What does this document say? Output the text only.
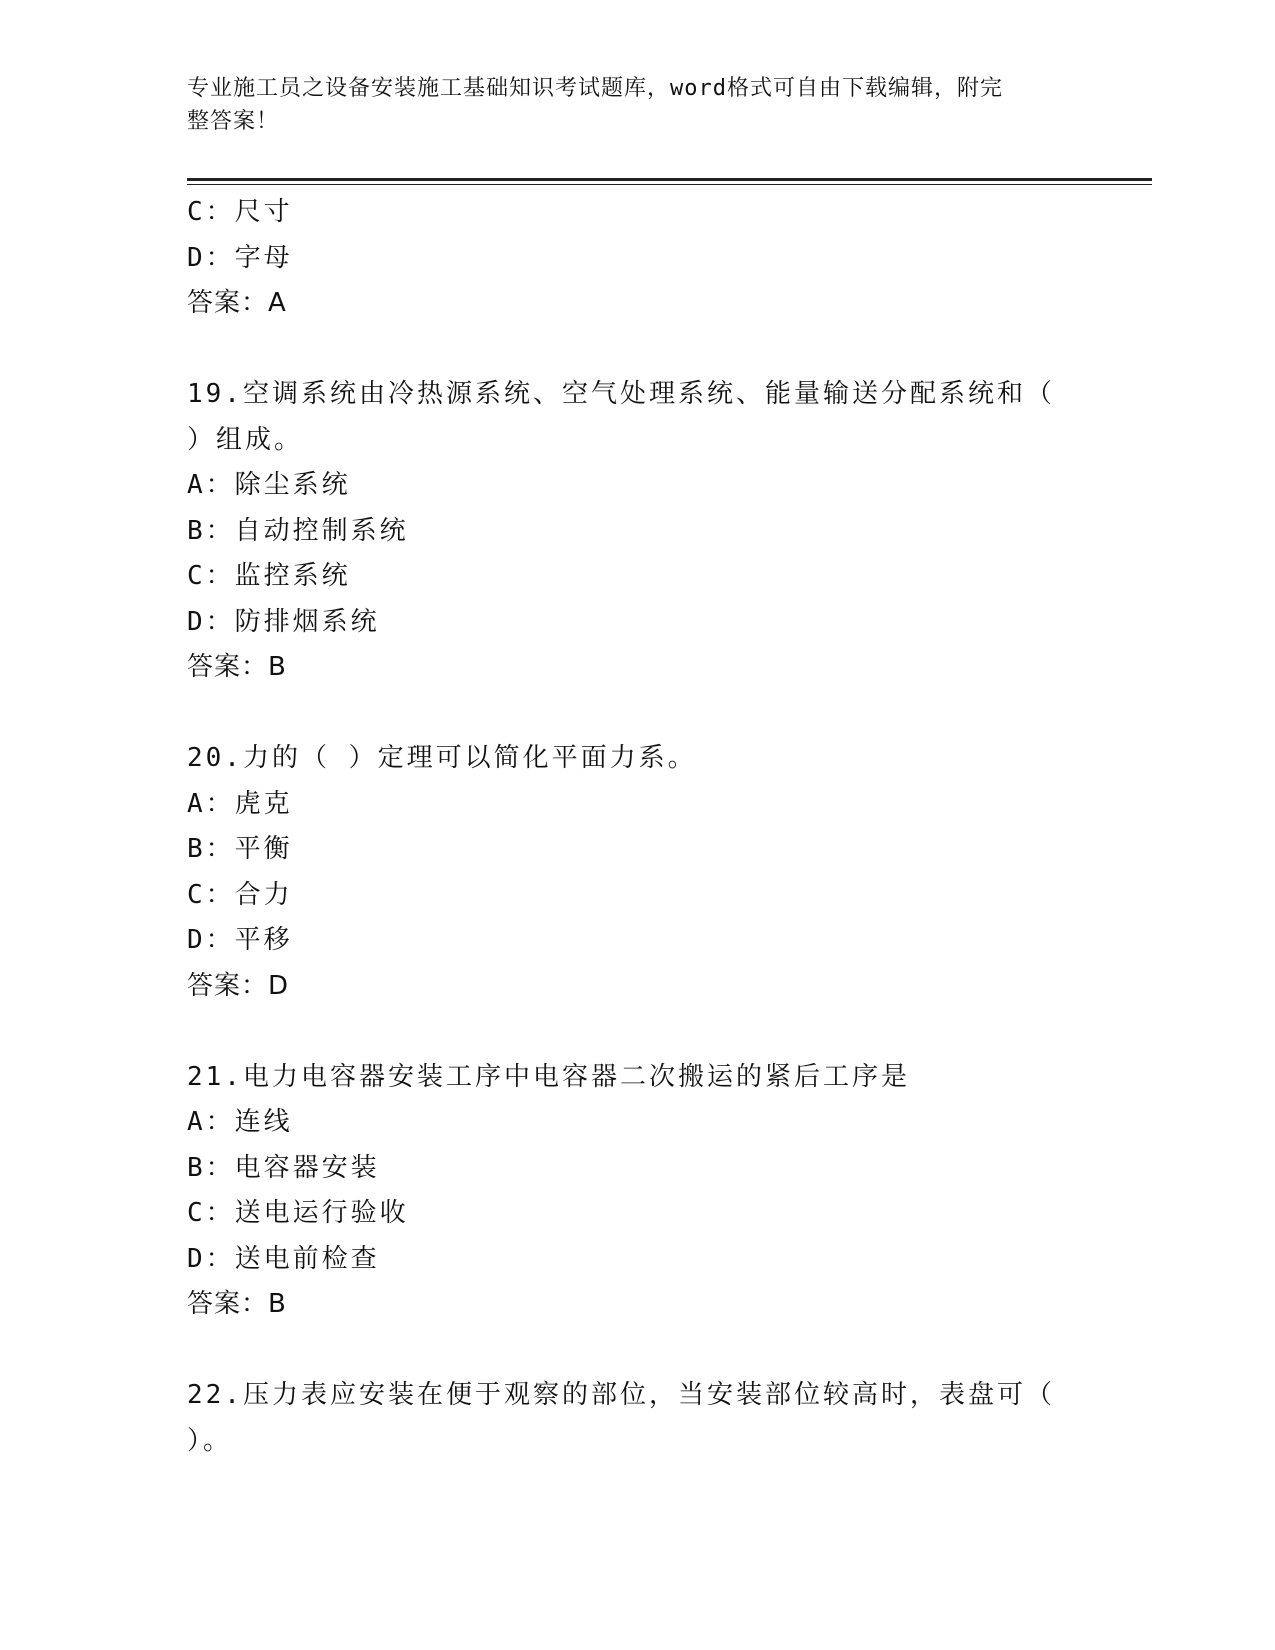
专业施工员之设备安装施工基础知识考试题库，word格式可自由下载编辑，附完
整答案！
C：尺寸
D：字母
答案：A
19.空调系统由冷热源系统、空气处理系统、能量输送分配系统和（
）组成。
A：除尘系统
B：自动控制系统
C：监控系统
D：防排烟系统
答案：B
20.力的（ ）定理可以简化平面力系。
A：虎克
B：平衡
C：合力
D：平移
答案：D
21.电力电容器安装工序中电容器二次搬运的紧后工序是
A：连线
B：电容器安装
C：送电运行验收
D：送电前检查
答案：B
22.压力表应安装在便于观察的部位，当安装部位较高时，表盘可（
）。
